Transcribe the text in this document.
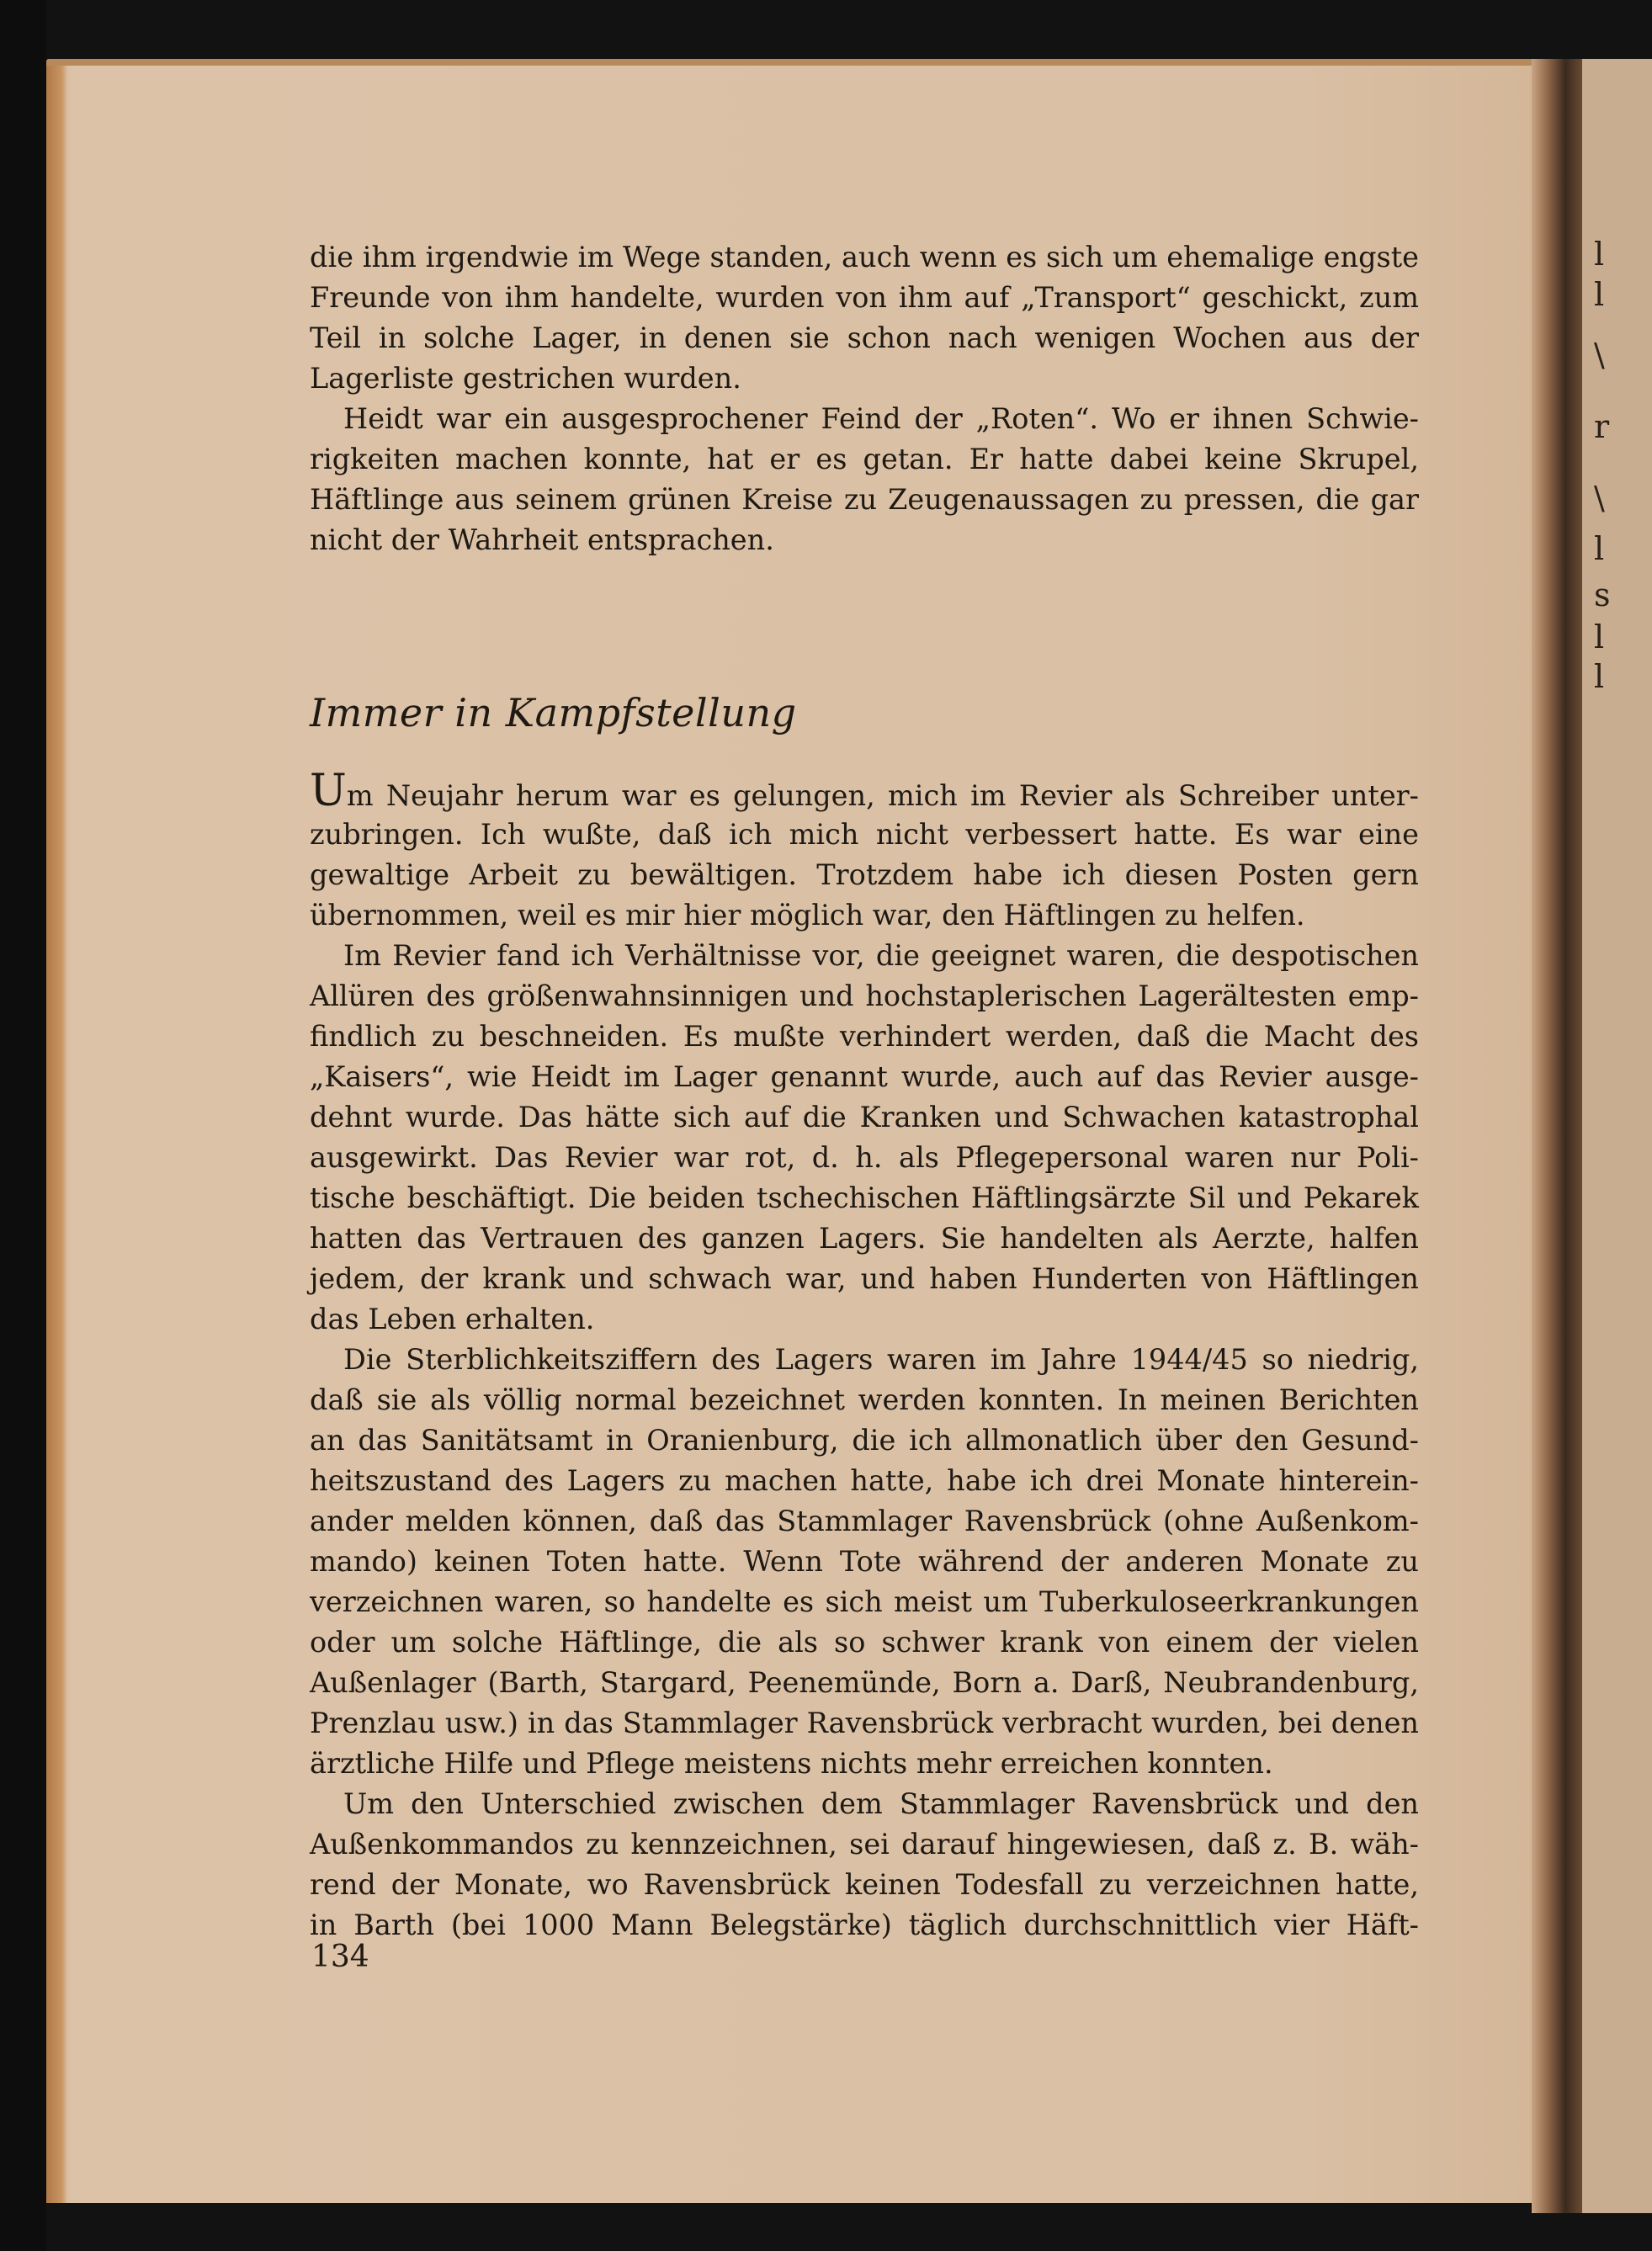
l
l
\
r
\
l
s
l
l
die ihm irgendwie im Wege standen, auch wenn es sich um ehemalige engste
Freunde von ihm handelte, wurden von ihm auf „Transport“ geschickt, zum
Teil in solche Lager, in denen sie schon nach wenigen Wochen aus der
Lagerliste gestrichen wurden.
Heidt war ein ausgesprochener Feind der „Roten“. Wo er ihnen Schwie-
rigkeiten machen konnte, hat er es getan. Er hatte dabei keine Skrupel,
Häftlinge aus seinem grünen Kreise zu Zeugenaussagen zu pressen, die gar
nicht der Wahrheit entsprachen.
Immer in Kampfstellung
Um Neujahr herum war es gelungen, mich im Revier als Schreiber unter-
zubringen. Ich wußte, daß ich mich nicht verbessert hatte. Es war eine
gewaltige Arbeit zu bewältigen. Trotzdem habe ich diesen Posten gern
übernommen, weil es mir hier möglich war, den Häftlingen zu helfen.
Im Revier fand ich Verhältnisse vor, die geeignet waren, die despotischen
Allüren des größenwahnsinnigen und hochstaplerischen Lagerältesten emp-
findlich zu beschneiden. Es mußte verhindert werden, daß die Macht des
„Kaisers“, wie Heidt im Lager genannt wurde, auch auf das Revier ausge-
dehnt wurde. Das hätte sich auf die Kranken und Schwachen katastrophal
ausgewirkt. Das Revier war rot, d. h. als Pflegepersonal waren nur Poli-
tische beschäftigt. Die beiden tschechischen Häftlingsärzte Sil und Pekarek
hatten das Vertrauen des ganzen Lagers. Sie handelten als Aerzte, halfen
jedem, der krank und schwach war, und haben Hunderten von Häftlingen
das Leben erhalten.
Die Sterblichkeitsziffern des Lagers waren im Jahre 1944/45 so niedrig,
daß sie als völlig normal bezeichnet werden konnten. In meinen Berichten
an das Sanitätsamt in Oranienburg, die ich allmonatlich über den Gesund-
heitszustand des Lagers zu machen hatte, habe ich drei Monate hinterein-
ander melden können, daß das Stammlager Ravensbrück (ohne Außenkom-
mando) keinen Toten hatte. Wenn Tote während der anderen Monate zu
verzeichnen waren, so handelte es sich meist um Tuberkuloseerkrankungen
oder um solche Häftlinge, die als so schwer krank von einem der vielen
Außenlager (Barth, Stargard, Peenemünde, Born a. Darß, Neubrandenburg,
Prenzlau usw.) in das Stammlager Ravensbrück verbracht wurden, bei denen
ärztliche Hilfe und Pflege meistens nichts mehr erreichen konnten.
Um den Unterschied zwischen dem Stammlager Ravensbrück und den
Außenkommandos zu kennzeichnen, sei darauf hingewiesen, daß z. B. wäh-
rend der Monate, wo Ravensbrück keinen Todesfall zu verzeichnen hatte,
in Barth (bei 1000 Mann Belegstärke) täglich durchschnittlich vier Häft-
134
